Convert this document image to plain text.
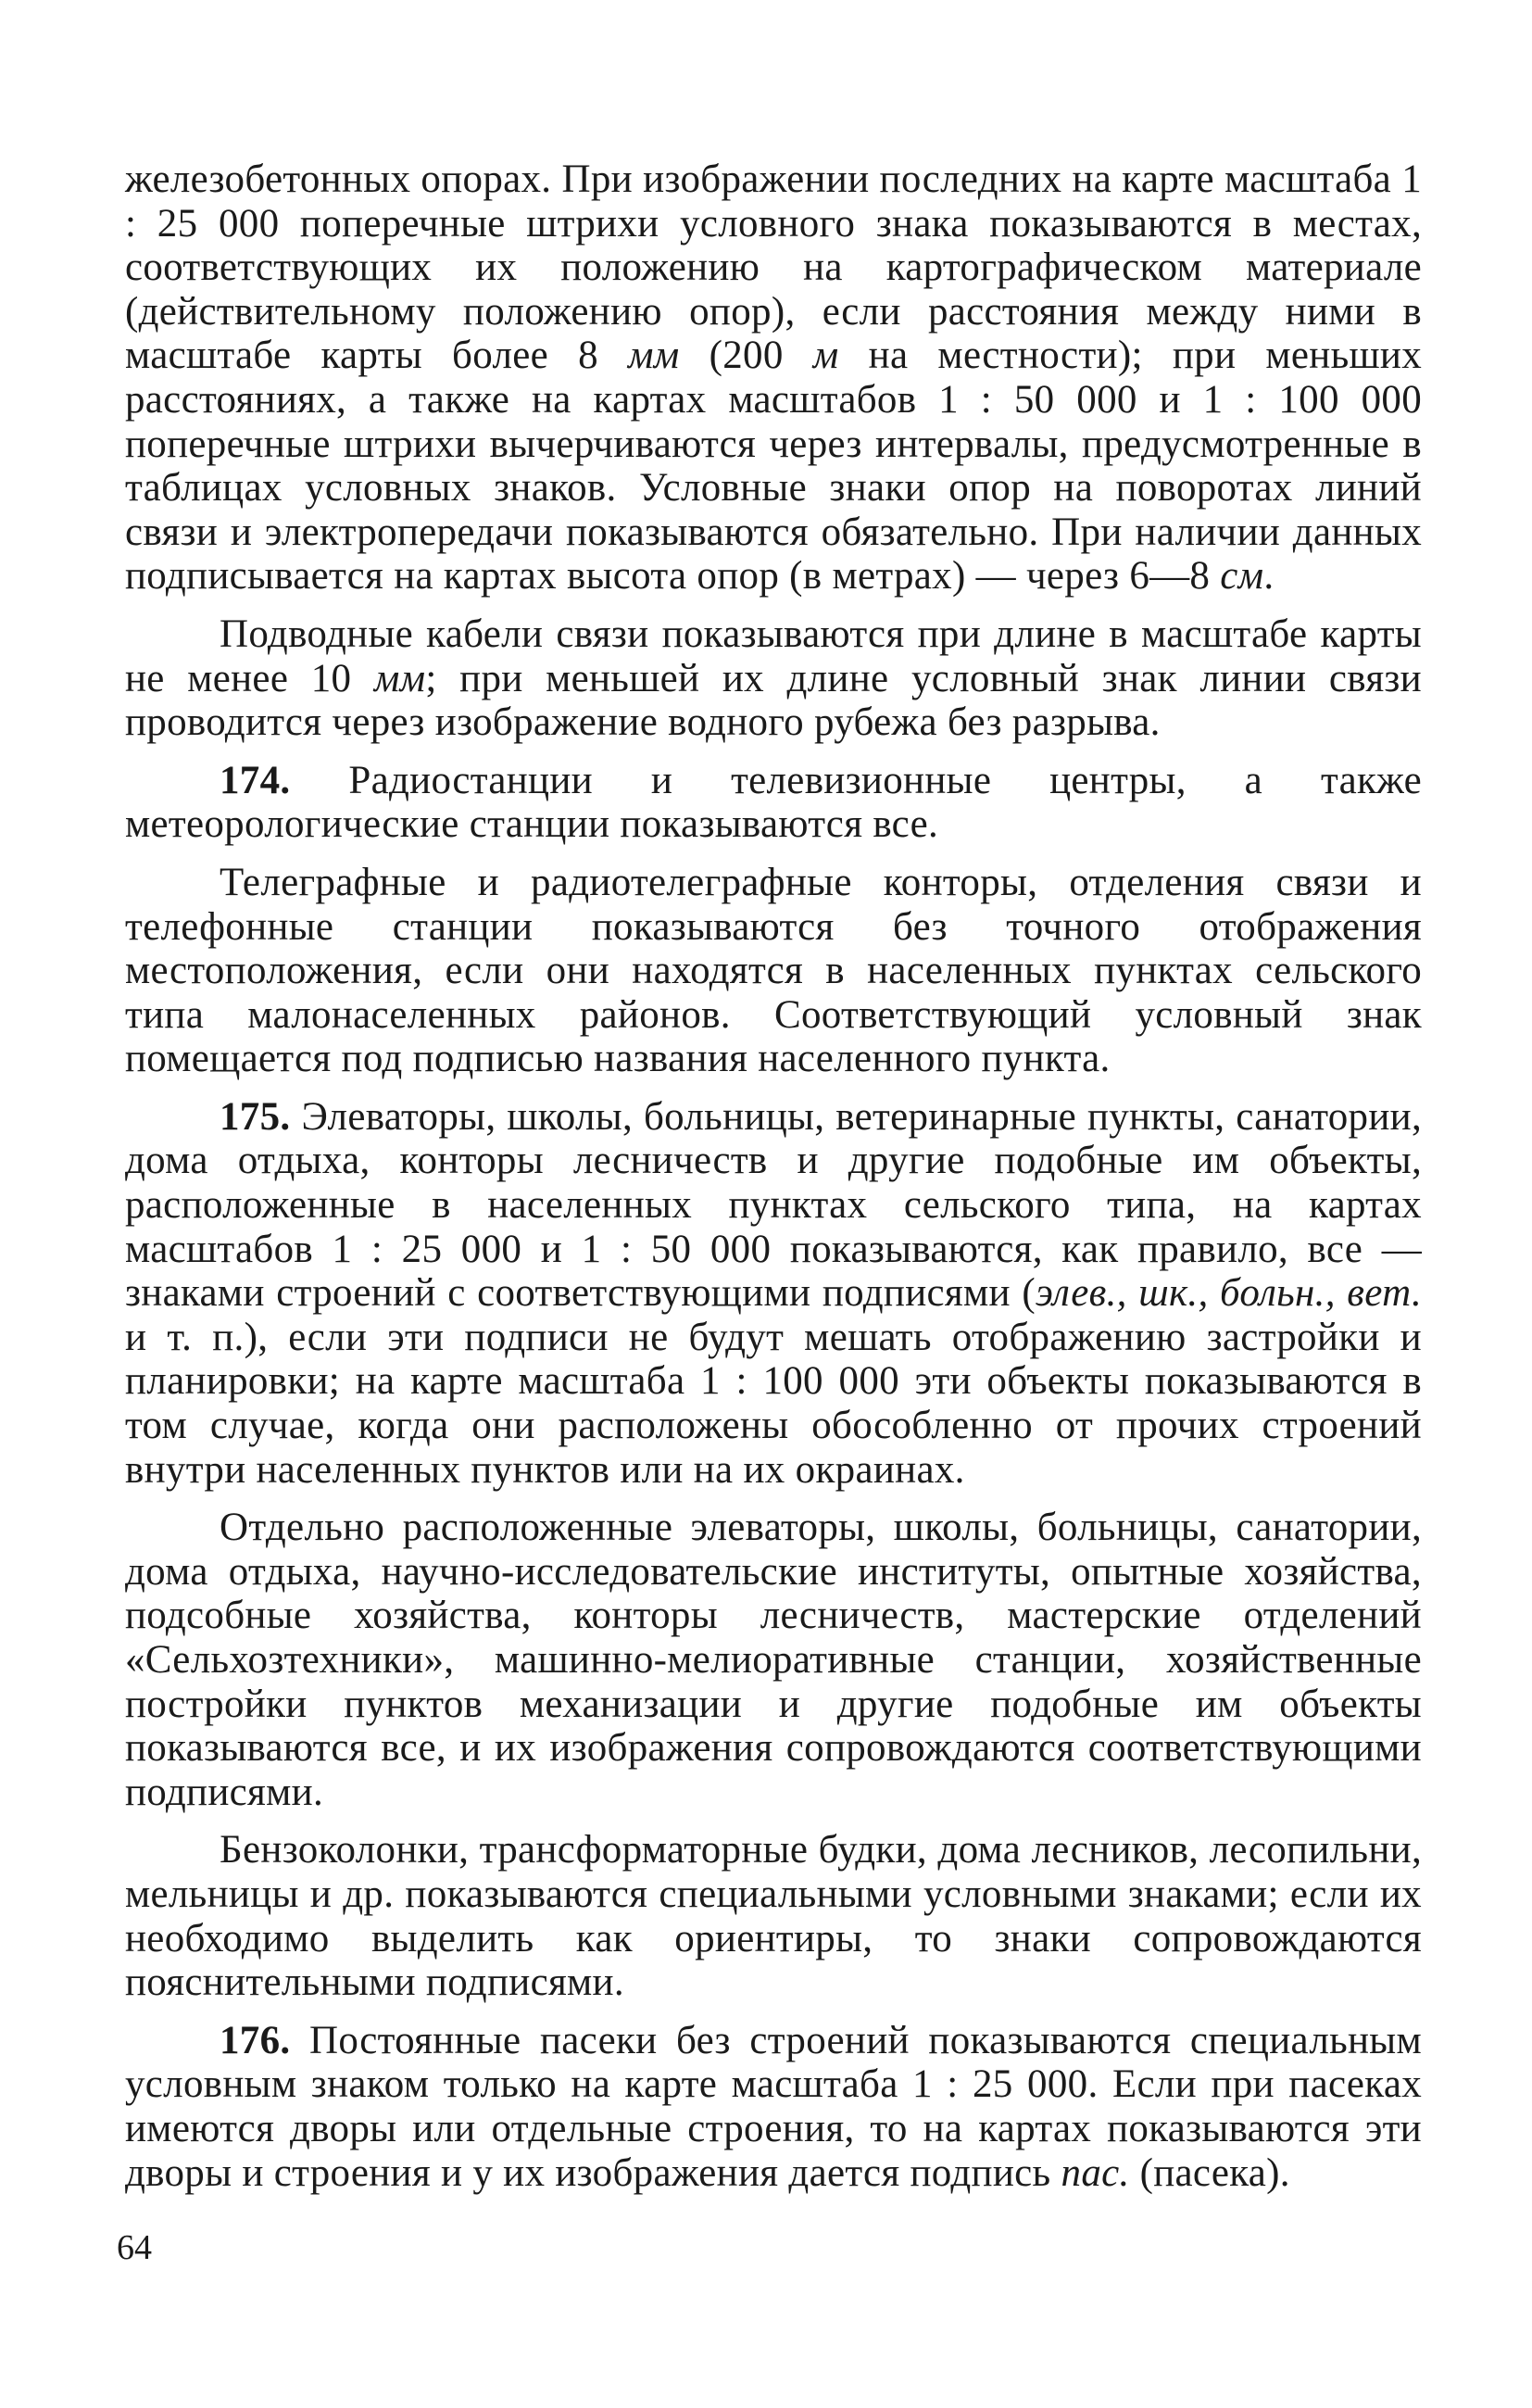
железобетонных опорах. При изображении последних на карте масштаба 1 : 25 000 поперечные штрихи условного знака показываются в местах, соответствующих их положению на картографическом материале (действительному положению опор), если расстояния между ними в масштабе карты более 8 мм (200 м на местности); при меньших расстояниях, а также на картах масштабов 1 : 50 000 и 1 : 100 000 поперечные штрихи вычерчиваются через интервалы, предусмотренные в таблицах условных знаков. Условные знаки опор на поворотах линий связи и электропередачи показываются обязательно. При наличии данных подписывается на картах высота опор (в метрах) — через 6—8 см.

Подводные кабели связи показываются при длине в масштабе карты не менее 10 мм; при меньшей их длине условный знак линии связи проводится через изображение водного рубежа без разрыва.

174. Радиостанции и телевизионные центры, а также метеорологические станции показываются все.

Телеграфные и радиотелеграфные конторы, отделения связи и телефонные станции показываются без точного отображения местоположения, если они находятся в населенных пунктах сельского типа малонаселенных районов. Соответствующий условный знак помещается под подписью названия населенного пункта.

175. Элеваторы, школы, больницы, ветеринарные пункты, санатории, дома отдыха, конторы лесничеств и другие подобные им объекты, расположенные в населенных пунктах сельского типа, на картах масштабов 1 : 25 000 и 1 : 50 000 показываются, как правило, все — знаками строений с соответствующими подписями (элев., шк., больн., вет. и т. п.), если эти подписи не будут мешать отображению застройки и планировки; на карте масштаба 1 : 100 000 эти объекты показываются в том случае, когда они расположены обособленно от прочих строений внутри населенных пунктов или на их окраинах.

Отдельно расположенные элеваторы, школы, больницы, санатории, дома отдыха, научно-исследовательские институты, опытные хозяйства, подсобные хозяйства, конторы лесничеств, мастерские отделений «Сельхозтехники», машинно-мелиоративные станции, хозяйственные постройки пунктов механизации и другие подобные им объекты показываются все, и их изображения сопровождаются соответствующими подписями.

Бензоколонки, трансформаторные будки, дома лесников, лесопильни, мельницы и др. показываются специальными условными знаками; если их необходимо выделить как ориентиры, то знаки сопровождаются пояснительными подписями.

176. Постоянные пасеки без строений показываются специальным условным знаком только на карте масштаба 1 : 25 000. Если при пасеках имеются дворы или отдельные строения, то на картах показываются эти дворы и строения и у их изображения дается подпись пас. (пасека).

64
